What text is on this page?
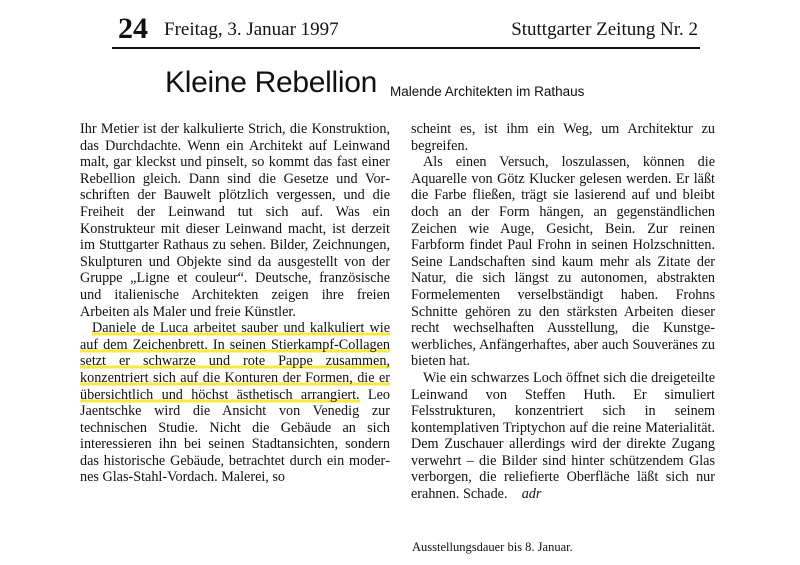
24 Freitag, 3. Januar 1997	Stuttgarter Zeitung Nr. 2
Kleine Rebellion Malende Architekten im Rathaus

Ihr Metier ist der kalkulierte Strich, die Konstruktion, das Durchdachte. Wenn ein Architekt auf Leinwand malt, gar kleckst und pinselt, so kommt das fast einer Rebellion gleich. Dann sind die Gesetze und Vorschriften der Bauwelt plötzlich vergessen, und die Freiheit der Leinwand tut sich auf. Was ein Konstrukteur mit dieser Leinwand macht, ist derzeit im Stuttgarter Rathaus zu sehen. Bilder, Zeichnungen, Skulpturen und Objekte sind da ausgestellt von der Gruppe „Ligne et couleur“. Deutsche, französische und italienische Architekten zeigen ihre freien Arbeiten als Maler und freie Künstler.

Daniele de Luca arbeitet sauber und kalkuliert wie auf dem Zeichenbrett. In seinen Stierkampf-Collagen setzt er schwarze und rote Pappe zusammen, konzentriert sich auf die Konturen der Formen, die er übersichtlich und höchst ästhetisch arrangiert. Leo Jaentschke wird die Ansicht von Venedig zur technischen Studie. Nicht die Gebäude an sich interessieren ihn bei seinen Stadtansichten, sondern das historische Gebäude, betrachtet durch ein modernes Glas-Stahl-Vordach. Malerei, so

scheint es, ist ihm ein Weg, um Architektur zu begreifen.

Als einen Versuch, loszulassen, können die Aquarelle von Götz Klucker gelesen werden. Er läßt die Farbe fließen, trägt sie lasierend auf und bleibt doch an der Form hängen, an gegenständlichen Zeichen wie Auge, Gesicht, Bein. Zur reinen Farbform findet Paul Frohn in seinen Holzschnitten. Seine Landschaften sind kaum mehr als Zitate der Natur, die sich längst zu autonomen, abstrakten Formelementen verselbständigt haben. Frohns Schnitte gehören zu den stärksten Arbeiten dieser recht wechselhaften Ausstellung, die Kunstgewerbliches, Anfängerhaftes, aber auch Souveränes zu bieten hat.

Wie ein schwarzes Loch öffnet sich die dreigeteilte Leinwand von Steffen Huth. Er simuliert Felsstrukturen, konzentriert sich in seinem kontemplativen Triptychon auf die reine Materialität. Dem Zuschauer allerdings wird der direkte Zugang verwehrt – die Bilder sind hinter schützendem Glas verborgen, die reliefierte Oberfläche läßt sich nur erahnen. Schade. adr

Ausstellungsdauer bis 8. Januar.
